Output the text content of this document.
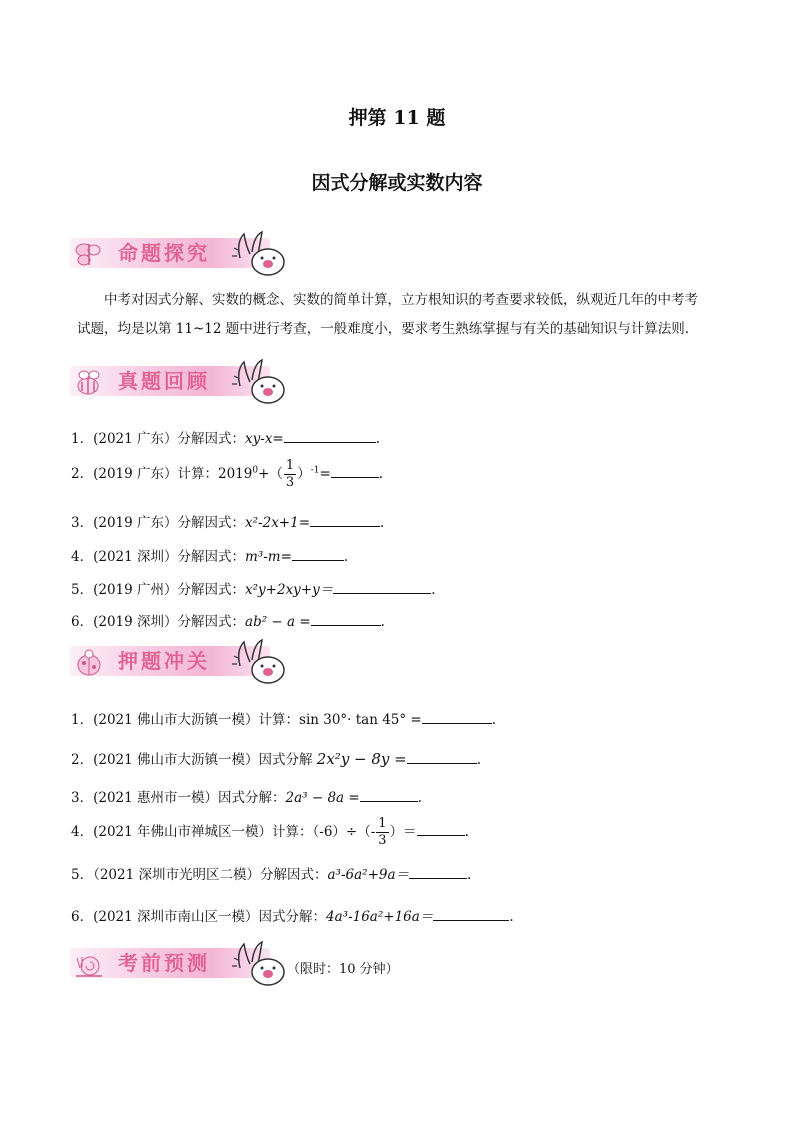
押第 11 题
因式分解或实数内容
命题探究

中考对因式分解、实数的概念、实数的简单计算，立方根知识的考查要求较低，纵观近几年的中考考

试题，均是以第 11~12 题中进行考查，一般难度小，要求考生熟练掌握与有关的基础知识与计算法则.

真题回顾
1．(2021 广东）分解因式：xy-x=	.
2．(2019 广东）计算：$2019^0+( \frac{1}{3} )^{-1}=$	.
3．(2019 广东）分解因式：x²-2x+1=	.
4．(2021 深圳）分解因式：m³-m=	.
5．(2019 广州）分解因式：x²y+2xy+y＝	.
6．(2019 深圳）分解因式：ab² − a =	.
押题冲关
1．(2021 佛山市大沥镇一模）计算：sin 30°· tan 45° =	.
2．(2021 佛山市大沥镇一模）因式分解 2x²y − 8y =	.
3．(2021 惠州市一模）因式分解：2a³ − 8a =	.
4．(2021 年佛山市禅城区一模）计算：$(-6)\div(- \frac{1}{3}$ ）＝	.
5．（2021 深圳市光明区二模）分解因式：a³-6a²+9a＝	.
6．(2021 深圳市南山区一模）因式分解：4a³-16a²+16a＝	.
考前预测	（限时：10 分钟）
